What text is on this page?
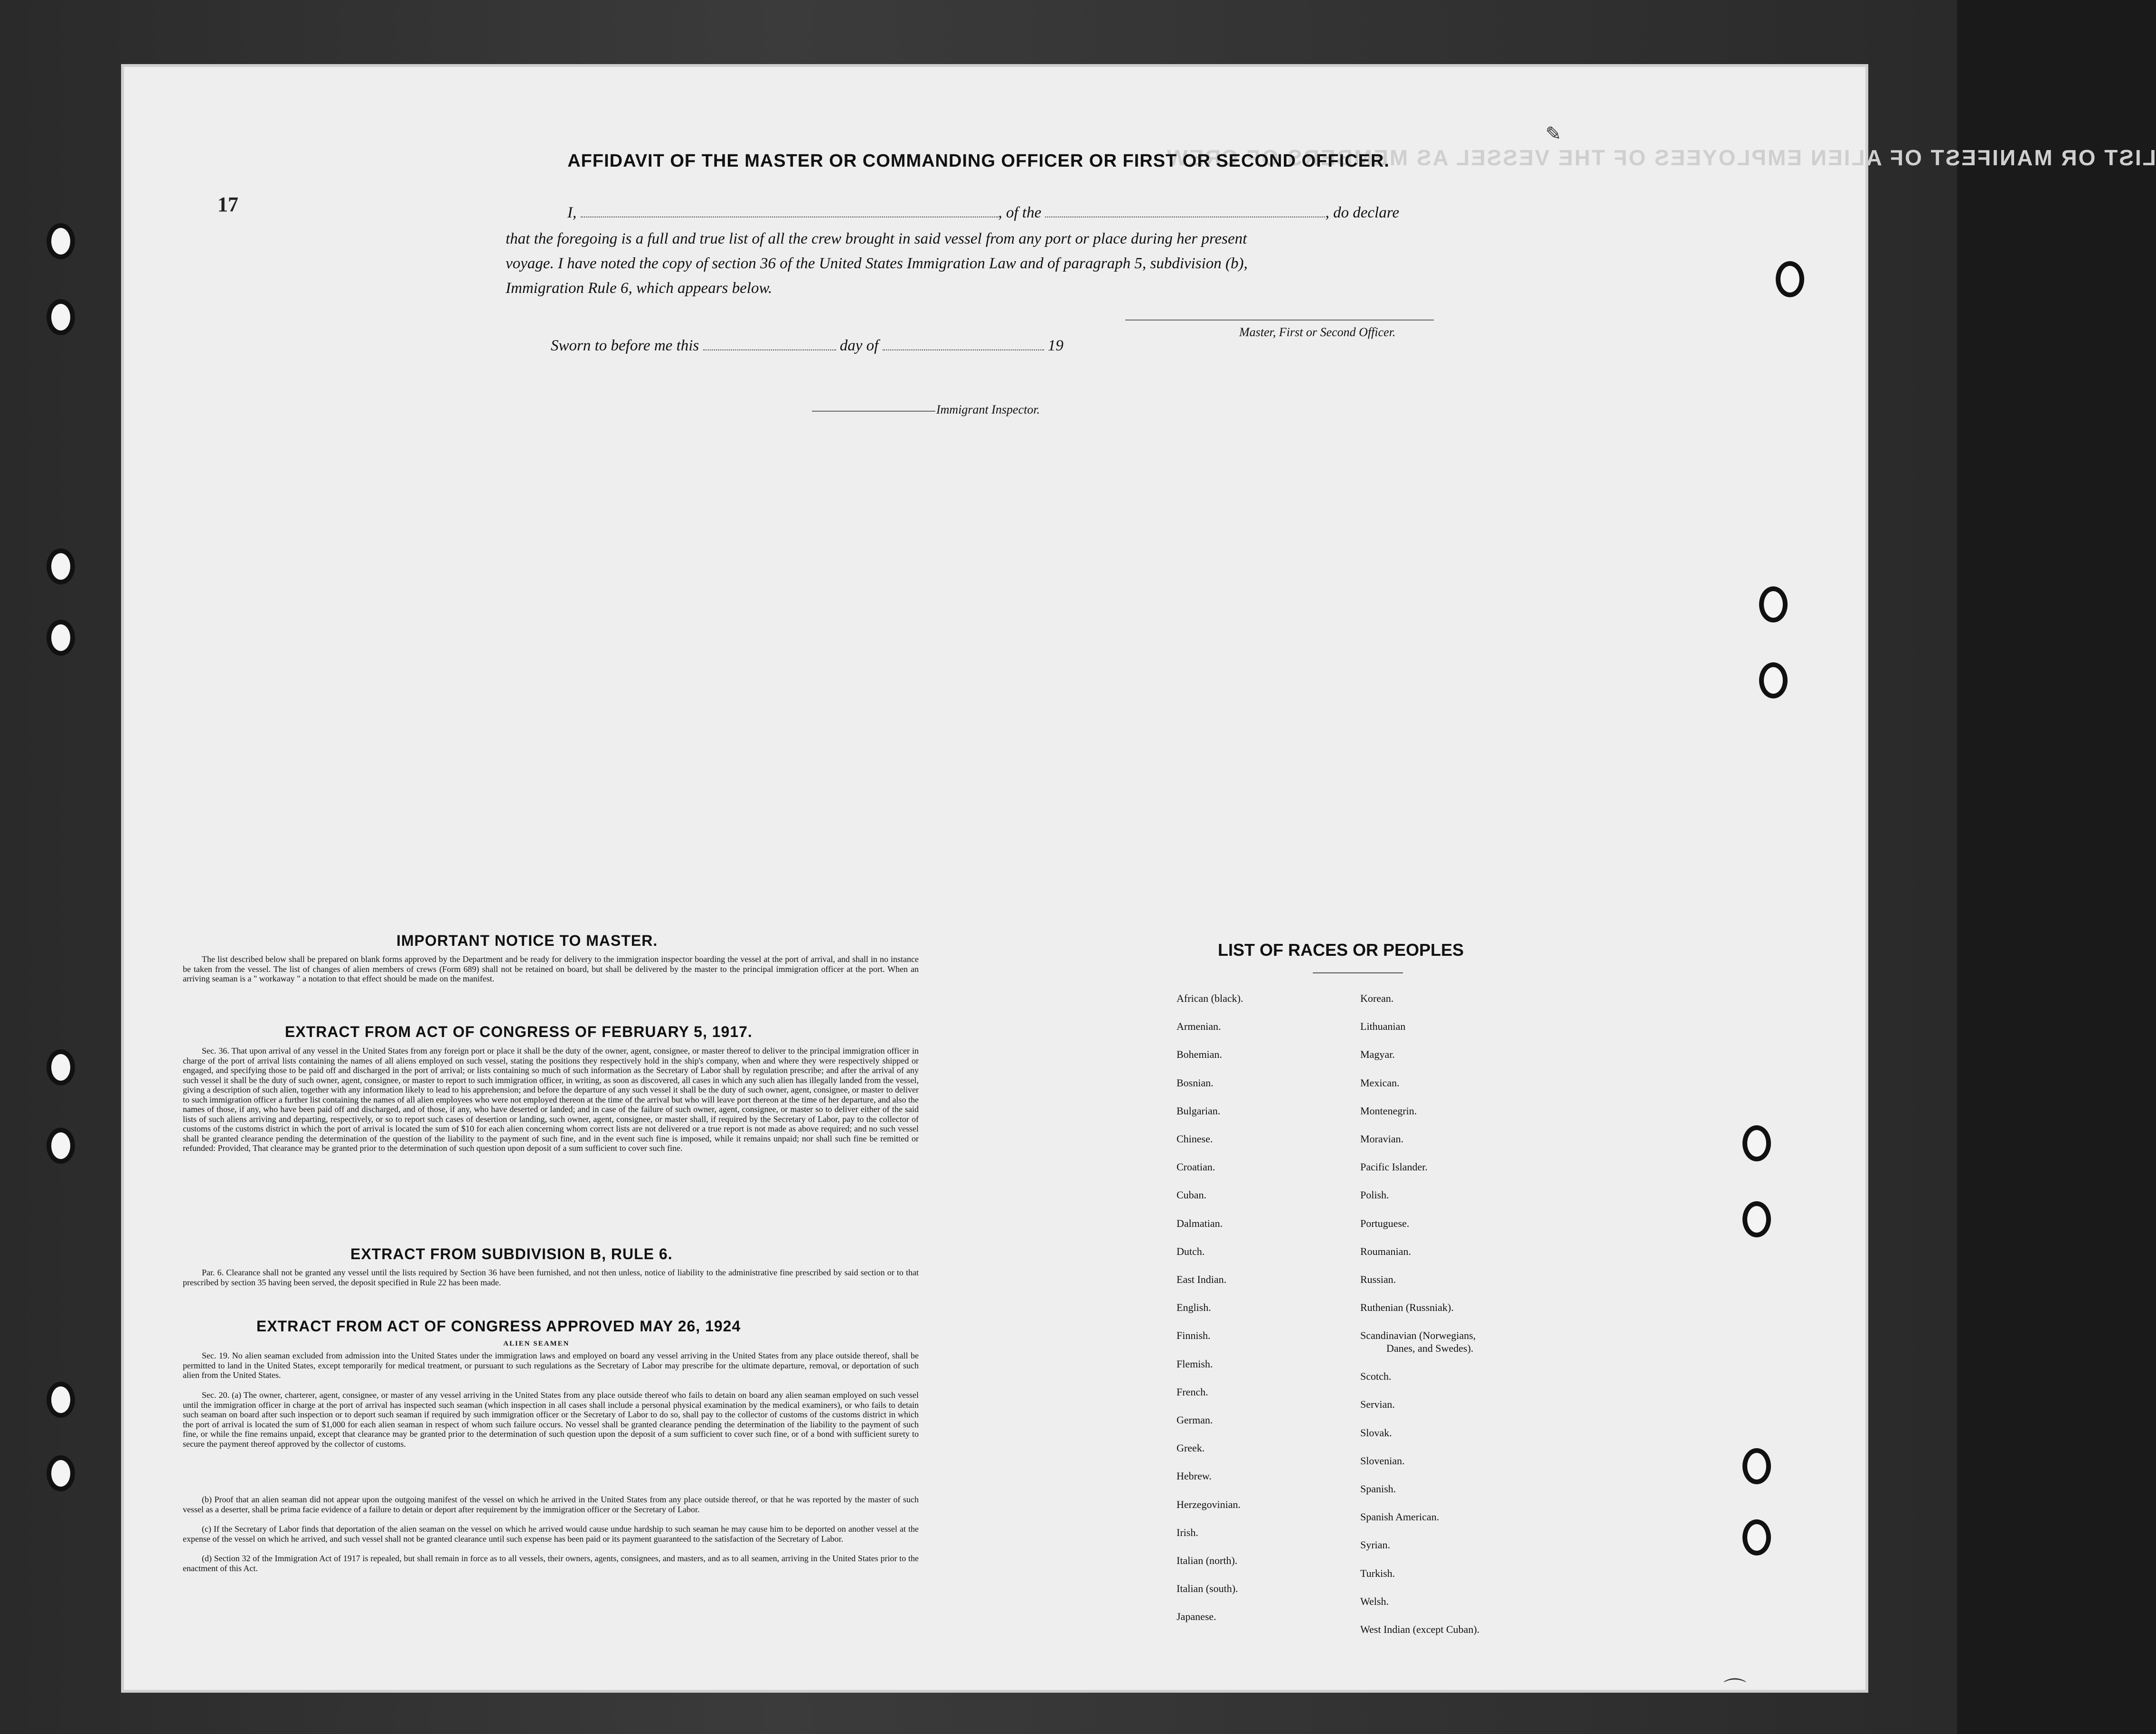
LIST OR MANIFEST OF ALIEN EMPLOYEES OF THE VESSEL AS MEMBERS OF CREW
AFFIDAVIT OF THE MASTER OR COMMANDING OFFICER OR FIRST OR SECOND OFFICER.
17	I,	, of the	, do declare
that the foregoing is a full and true list of all the crew brought in said vessel from any port or place during her present
voyage. I have noted the copy of section 36 of the United States Immigration Law and of paragraph 5, subdivision (b),
Immigration Rule 6, which appears below.
Master, First or Second Officer.
Sworn to before me this	day of	19
Immigrant Inspector.
IMPORTANT NOTICE TO MASTER.
The list described below shall be prepared on blank forms approved by the Department and be ready for delivery to the immigration inspector boarding the vessel at the port of arrival, and shall in no instance be taken from the vessel. The list of changes of alien members of crews (Form 689) shall not be retained on board, but shall be delivered by the master to the principal immigration officer at the port. When an arriving seaman is a " workaway " a notation to that effect should be made on the manifest.
EXTRACT FROM ACT OF CONGRESS OF FEBRUARY 5, 1917.
Sec. 36. That upon arrival of any vessel in the United States from any foreign port or place it shall be the duty of the owner, agent, consignee, or master thereof to deliver to the principal immigration officer in charge of the port of arrival lists containing the names of all aliens employed on such vessel, stating the positions they respectively hold in the ship's company, when and where they were respectively shipped or engaged, and specifying those to be paid off and discharged in the port of arrival; or lists containing so much of such information as the Secretary of Labor shall by regulation prescribe; and after the arrival of any such vessel it shall be the duty of such owner, agent, consignee, or master to report to such immigration officer, in writing, as soon as discovered, all cases in which any such alien has illegally landed from the vessel, giving a description of such alien, together with any information likely to lead to his apprehension; and before the departure of any such vessel it shall be the duty of such owner, agent, consignee, or master to deliver to such immigration officer a further list containing the names of all alien employees who were not employed thereon at the time of the arrival but who will leave port thereon at the time of her departure, and also the names of those, if any, who have been paid off and discharged, and of those, if any, who have deserted or landed; and in case of the failure of such owner, agent, consignee, or master so to deliver either of the said lists of such aliens arriving and departing, respectively, or so to report such cases of desertion or landing, such owner, agent, consignee, or master shall, if required by the Secretary of Labor, pay to the collector of customs of the customs district in which the port of arrival is located the sum of $10 for each alien concerning whom correct lists are not delivered or a true report is not made as above required; and no such vessel shall be granted clearance pending the determination of the question of the liability to the payment of such fine, and in the event such fine is imposed, while it remains unpaid; nor shall such fine be remitted or refunded: Provided, That clearance may be granted prior to the determination of such question upon deposit of a sum sufficient to cover such fine.
EXTRACT FROM SUBDIVISION B, RULE 6.
Par. 6. Clearance shall not be granted any vessel until the lists required by Section 36 have been furnished, and not then unless, notice of liability to the administrative fine prescribed by said section or to that prescribed by section 35 having been served, the deposit specified in Rule 22 has been made.
EXTRACT FROM ACT OF CONGRESS APPROVED MAY 26, 1924
ALIEN SEAMEN
Sec. 19. No alien seaman excluded from admission into the United States under the immigration laws and employed on board any vessel arriving in the United States from any place outside thereof, shall be permitted to land in the United States, except temporarily for medical treatment, or pursuant to such regulations as the Secretary of Labor may prescribe for the ultimate departure, removal, or deportation of such alien from the United States.
Sec. 20. (a) The owner, charterer, agent, consignee, or master of any vessel arriving in the United States from any place outside thereof who fails to detain on board any alien seaman employed on such vessel until the immigration officer in charge at the port of arrival has inspected such seaman (which inspection in all cases shall include a personal physical examination by the medical examiners), or who fails to detain such seaman on board after such inspection or to deport such seaman if required by such immigration officer or the Secretary of Labor to do so, shall pay to the collector of customs of the customs district in which the port of arrival is located the sum of $1,000 for each alien seaman in respect of whom such failure occurs. No vessel shall be granted clearance pending the determination of the liability to the payment of such fine, or while the fine remains unpaid, except that clearance may be granted prior to the determination of such question upon the deposit of a sum sufficient to cover such fine, or of a bond with sufficient surety to secure the payment thereof approved by the collector of customs.
(b) Proof that an alien seaman did not appear upon the outgoing manifest of the vessel on which he arrived in the United States from any place outside thereof, or that he was reported by the master of such vessel as a deserter, shall be prima facie evidence of a failure to detain or deport after requirement by the immigration officer or the Secretary of Labor.
(c) If the Secretary of Labor finds that deportation of the alien seaman on the vessel on which he arrived would cause undue hardship to such seaman he may cause him to be deported on another vessel at the expense of the vessel on which he arrived, and such vessel shall not be granted clearance until such expense has been paid or its payment guaranteed to the satisfaction of the Secretary of Labor.
(d) Section 32 of the Immigration Act of 1917 is repealed, but shall remain in force as to all vessels, their owners, agents, consignees, and masters, and as to all seamen, arriving in the United States prior to the enactment of this Act.
LIST OF RACES OR PEOPLES
African (black).
Armenian.
Bohemian.
Bosnian.
Bulgarian.
Chinese.
Croatian.
Cuban.
Dalmatian.
Dutch.
East Indian.
English.
Finnish.
Flemish.
French.
German.
Greek.
Hebrew.
Herzegovinian.
Irish.
Italian (north).
Italian (south).
Japanese.
Korean.
Lithuanian
Magyar.
Mexican.
Montenegrin.
Moravian.
Pacific Islander.
Polish.
Portuguese.
Roumanian.
Russian.
Ruthenian (Russniak).
Scandinavian (Norwegians,
Danes, and Swedes).
Scotch.
Servian.
Slovak.
Slovenian.
Spanish.
Spanish American.
Syrian.
Turkish.
Welsh.
West Indian (except Cuban).
✎
⌒
